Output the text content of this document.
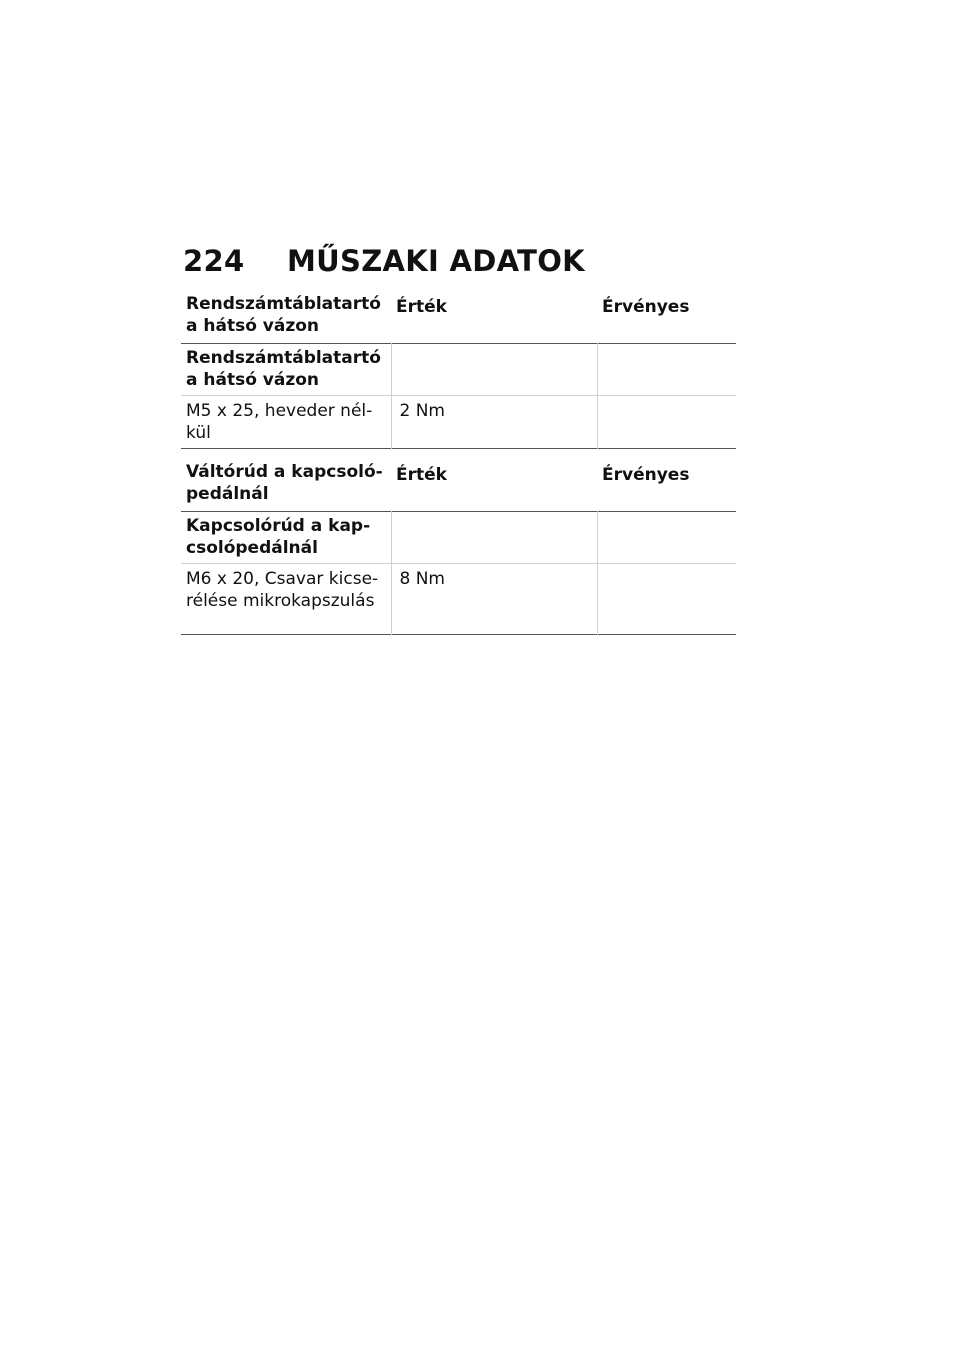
224	MŰSZAKI ADATOK
Rendszámtáblatartó a hátsó vázon	Érték	Érvényes
Rendszámtáblatartó a hátsó vázon		
M5 x 25, heveder nél-kül	2 Nm	
Váltórúd a kapcsoló-pedálnál	Érték	Érvényes
Kapcsolórúd a kap-csolópedálnál		
M6 x 20, Csavar kicse-rélése mikrokapszulás	8 Nm	
